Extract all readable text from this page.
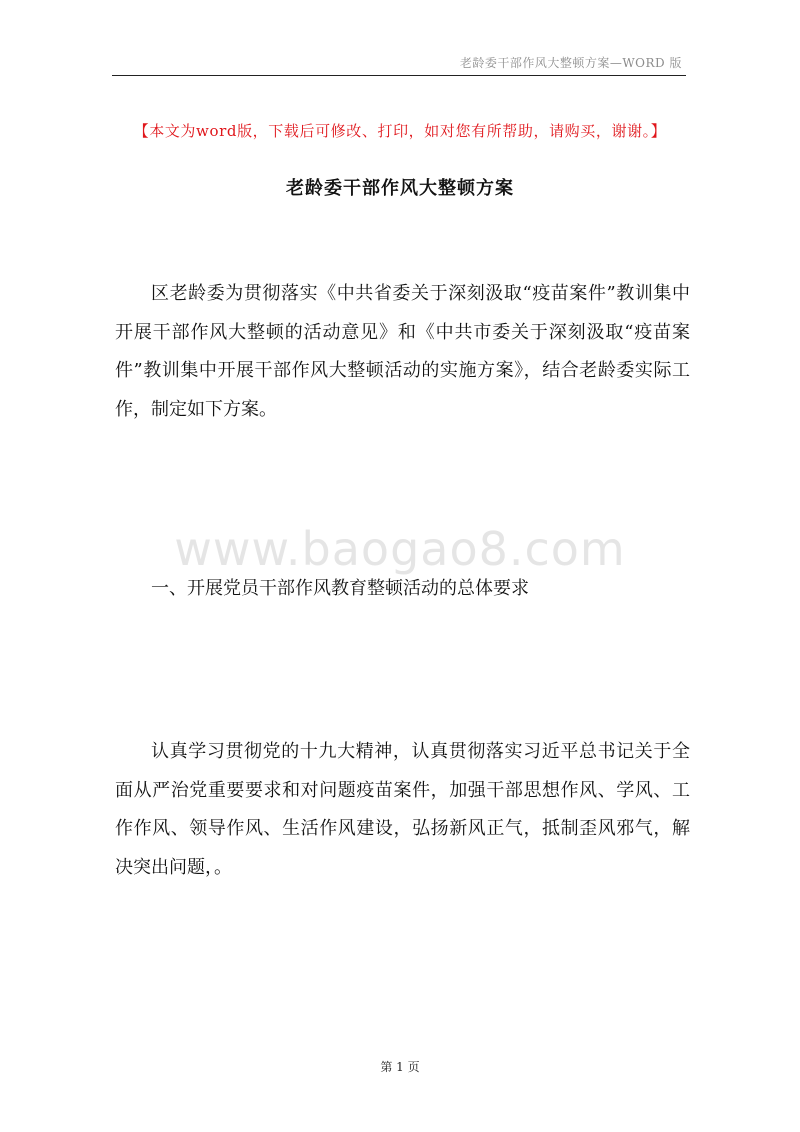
老龄委干部作风大整顿方案—WORD 版
【本文为word版，下载后可修改、打印，如对您有所帮助，请购买，谢谢。】
老龄委干部作风大整顿方案

区老龄委为贯彻落实《中共省委关于深刻汲取“疫苗案件”教训集中开展干部作风大整顿的活动意见》和《中共市委关于深刻汲取“疫苗案件”教训集中开展干部作风大整顿活动的实施方案》，结合老龄委实际工作，制定如下方案。

www.baogao8.com

一、开展党员干部作风教育整顿活动的总体要求

认真学习贯彻党的十九大精神，认真贯彻落实习近平总书记关于全面从严治党重要要求和对问题疫苗案件，加强干部思想作风、学风、工作作风、领导作风、生活作风建设，弘扬新风正气，抵制歪风邪气，解决突出问题，。

第 1 页
